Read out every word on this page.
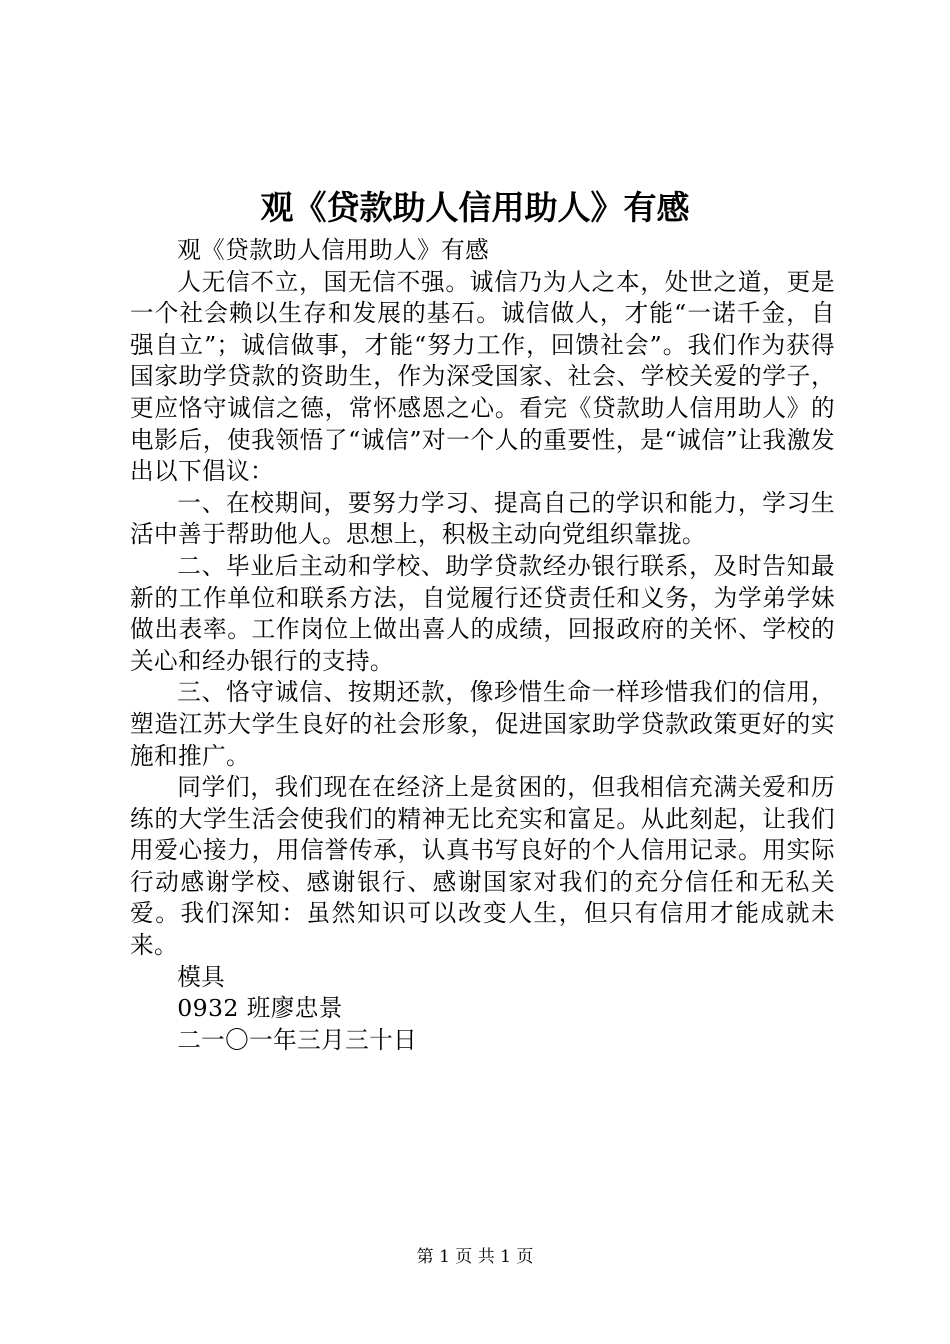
观《贷款助人信用助人》有感

观《贷款助人信用助人》有感

人无信不立，国无信不强。诚信乃为人之本，处世之道，更是一个社会赖以生存和发展的基石。诚信做人，才能“一诺千金，自强自立”；诚信做事，才能“努力工作，回馈社会”。我们作为获得国家助学贷款的资助生，作为深受国家、社会、学校关爱的学子，更应恪守诚信之德，常怀感恩之心。看完《贷款助人信用助人》的电影后，使我领悟了“诚信”对一个人的重要性，是“诚信”让我激发出以下倡议：

一、在校期间，要努力学习、提高自己的学识和能力，学习生活中善于帮助他人。思想上，积极主动向党组织靠拢。

二、毕业后主动和学校、助学贷款经办银行联系，及时告知最新的工作单位和联系方法，自觉履行还贷责任和义务，为学弟学妹做出表率。工作岗位上做出喜人的成绩，回报政府的关怀、学校的关心和经办银行的支持。

三、恪守诚信、按期还款，像珍惜生命一样珍惜我们的信用，塑造江苏大学生良好的社会形象，促进国家助学贷款政策更好的实施和推广。

同学们，我们现在在经济上是贫困的，但我相信充满关爱和历练的大学生活会使我们的精神无比充实和富足。从此刻起，让我们用爱心接力，用信誉传承，认真书写良好的个人信用记录。用实际行动感谢学校、感谢银行、感谢国家对我们的充分信任和无私关爱。我们深知：虽然知识可以改变人生，但只有信用才能成就未来。

模具

0932 班廖忠景

二一〇一年三月三十日

第 1 页 共 1 页
